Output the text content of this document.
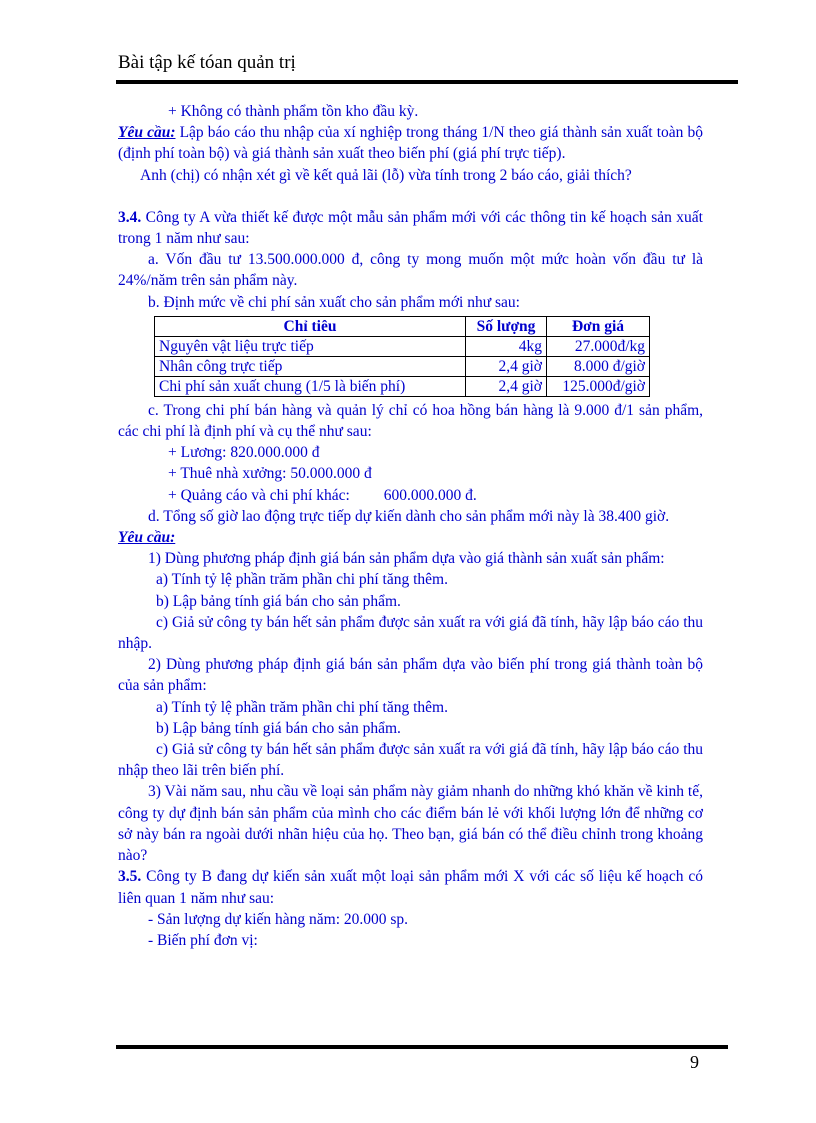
Bài tập kế tóan quản trị

+ Không có thành phẩm tồn kho đầu kỳ.

Yêu cầu: Lập báo cáo thu nhập của xí nghiệp trong tháng 1/N theo giá thành sản xuất toàn bộ (định phí toàn bộ) và giá thành sản xuất theo biến phí (giá phí trực tiếp).

Anh (chị) có nhận xét gì về kết quả lãi (lỗ) vừa tính trong 2 báo cáo, giải thích?

3.4. Công ty A vừa thiết kế được một mẫu sản phẩm mới với các thông tin kế hoạch sản xuất trong 1 năm như sau:

a. Vốn đầu tư 13.500.000.000 đ, công ty mong muốn một mức hoàn vốn đầu tư là 24%/năm trên sản phẩm này.

b. Định mức về chi phí sản xuất cho sản phẩm mới như sau:

Chỉ tiêu	Số lượng	Đơn giá
Nguyên vật liệu trực tiếp	4kg	27.000đ/kg
Nhân công trực tiếp	2,4 giờ	8.000 đ/giờ
Chi phí sản xuất chung (1/5 là biến phí)	2,4 giờ	125.000đ/giờ

c. Trong chi phí bán hàng và quản lý chỉ có hoa hồng bán hàng là 9.000 đ/1 sản phẩm, các chi phí là định phí và cụ thể như sau:

+ Lương: 820.000.000 đ

+ Thuê nhà xưởng: 50.000.000 đ

+ Quảng cáo và chi phí khác: 600.000.000 đ.

d. Tổng số giờ lao động trực tiếp dự kiến dành cho sản phẩm mới này là 38.400 giờ.

Yêu cầu:

1) Dùng phương pháp định giá bán sản phẩm dựa vào giá thành sản xuất sản phẩm:

a) Tính tỷ lệ phần trăm phần chi phí tăng thêm.

b) Lập bảng tính giá bán cho sản phẩm.

c) Giả sử công ty bán hết sản phẩm được sản xuất ra với giá đã tính, hãy lập báo cáo thu nhập.

2) Dùng phương pháp định giá bán sản phẩm dựa vào biến phí trong giá thành toàn bộ của sản phẩm:

a) Tính tỷ lệ phần trăm phần chi phí tăng thêm.

b) Lập bảng tính giá bán cho sản phẩm.

c) Giả sử công ty bán hết sản phẩm được sản xuất ra với giá đã tính, hãy lập báo cáo thu nhập theo lãi trên biến phí.

3) Vài năm sau, nhu cầu về loại sản phẩm này giảm nhanh do những khó khăn về kinh tế, công ty dự định bán sản phẩm của mình cho các điểm bán lẻ với khối lượng lớn để những cơ sở này bán ra ngoài dưới nhãn hiệu của họ. Theo bạn, giá bán có thể điều chỉnh trong khoảng nào?

3.5. Công ty B đang dự kiến sản xuất một loại sản phẩm mới X với các số liệu kế hoạch có liên quan 1 năm như sau:

- Sản lượng dự kiến hàng năm: 20.000 sp.

- Biến phí đơn vị:

9
